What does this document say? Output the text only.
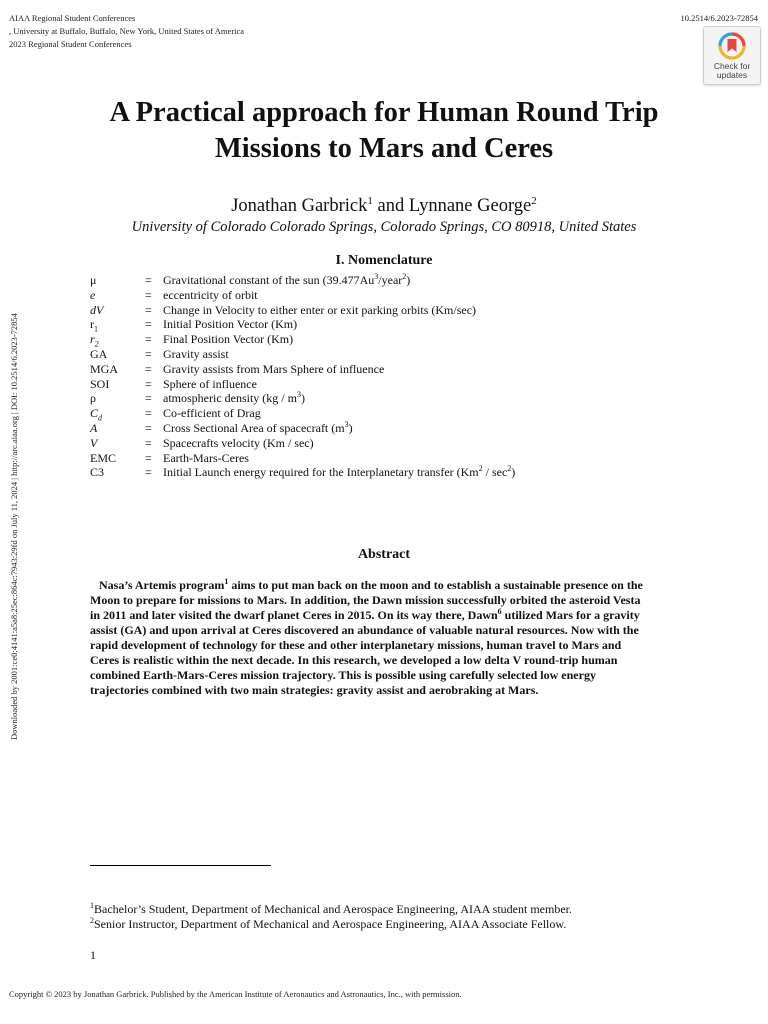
AIAA Regional Student Conferences
, University at Buffalo, Buffalo, New York, United States of America
2023 Regional Student Conferences
10.2514/6.2023-72854
Check for
updates
Downloaded by 2001:ce0:4141:a5a8:25ec:864c:7943:29fd on July 11, 2024 | http://arc.aiaa.org | DOI: 10.2514/6.2023-72854
A Practical approach for Human Round Trip
Missions to Mars and Ceres
Jonathan Garbrick$^1$ and Lynnane George$^2$
University of Colorado Colorado Springs, Colorado Springs, CO 80918, United States
I. Nomenclature
μ	= Gravitational constant of the sun (39.477Au$^3$/year$^2$)
e	= eccentricity of orbit
dV	= Change in Velocity to either enter or exit parking orbits (Km/sec)
$r_1$	= Initial Position Vector (Km)
$r_2$	= Final Position Vector (Km)
GA	= Gravity assist
MGA = Gravity assists from Mars Sphere of influence
SOI	= Sphere of influence
ρ	= atmospheric density $(kg / m^3)$
$C_d$	= Co-efficient of Drag
A	= Cross Sectional Area of spacecraft $(m^3)$
V	= Spacecrafts velocity (Km / sec)
EMC = Earth-Mars-Ceres
C3	= Initial Launch energy required for the Interplanetary transfer $(Km^2 / \sec^2)$
Abstract
Nasa’s Artemis program$^1$ aims to put man back on the moon and to establish a sustainable presence on the
Moon to prepare for missions to Mars. In addition, the Dawn mission successfully orbited the asteroid Vesta
in 2011 and later visited the dwarf planet Ceres in 2015. On its way there, Dawn$^6$ utilized Mars for a gravity
assist (GA) and upon arrival at Ceres discovered an abundance of valuable natural resources. Now with the
rapid development of technology for these and other interplanetary missions, human travel to Mars and
Ceres is realistic within the next decade. In this research, we developed a low delta V round-trip human
combined Earth-Mars-Ceres mission trajectory. This is possible using carefully selected low energy
trajectories combined with two main strategies: gravity assist and aerobraking at Mars.
$^1$Bachelor’s Student, Department of Mechanical and Aerospace Engineering, AIAA student member.
$^2$Senior Instructor, Department of Mechanical and Aerospace Engineering, AIAA Associate Fellow.
1
Copyright © 2023 by Jonathan Garbrick. Published by the American Institute of Aeronautics and Astronautics, Inc., with permission.
